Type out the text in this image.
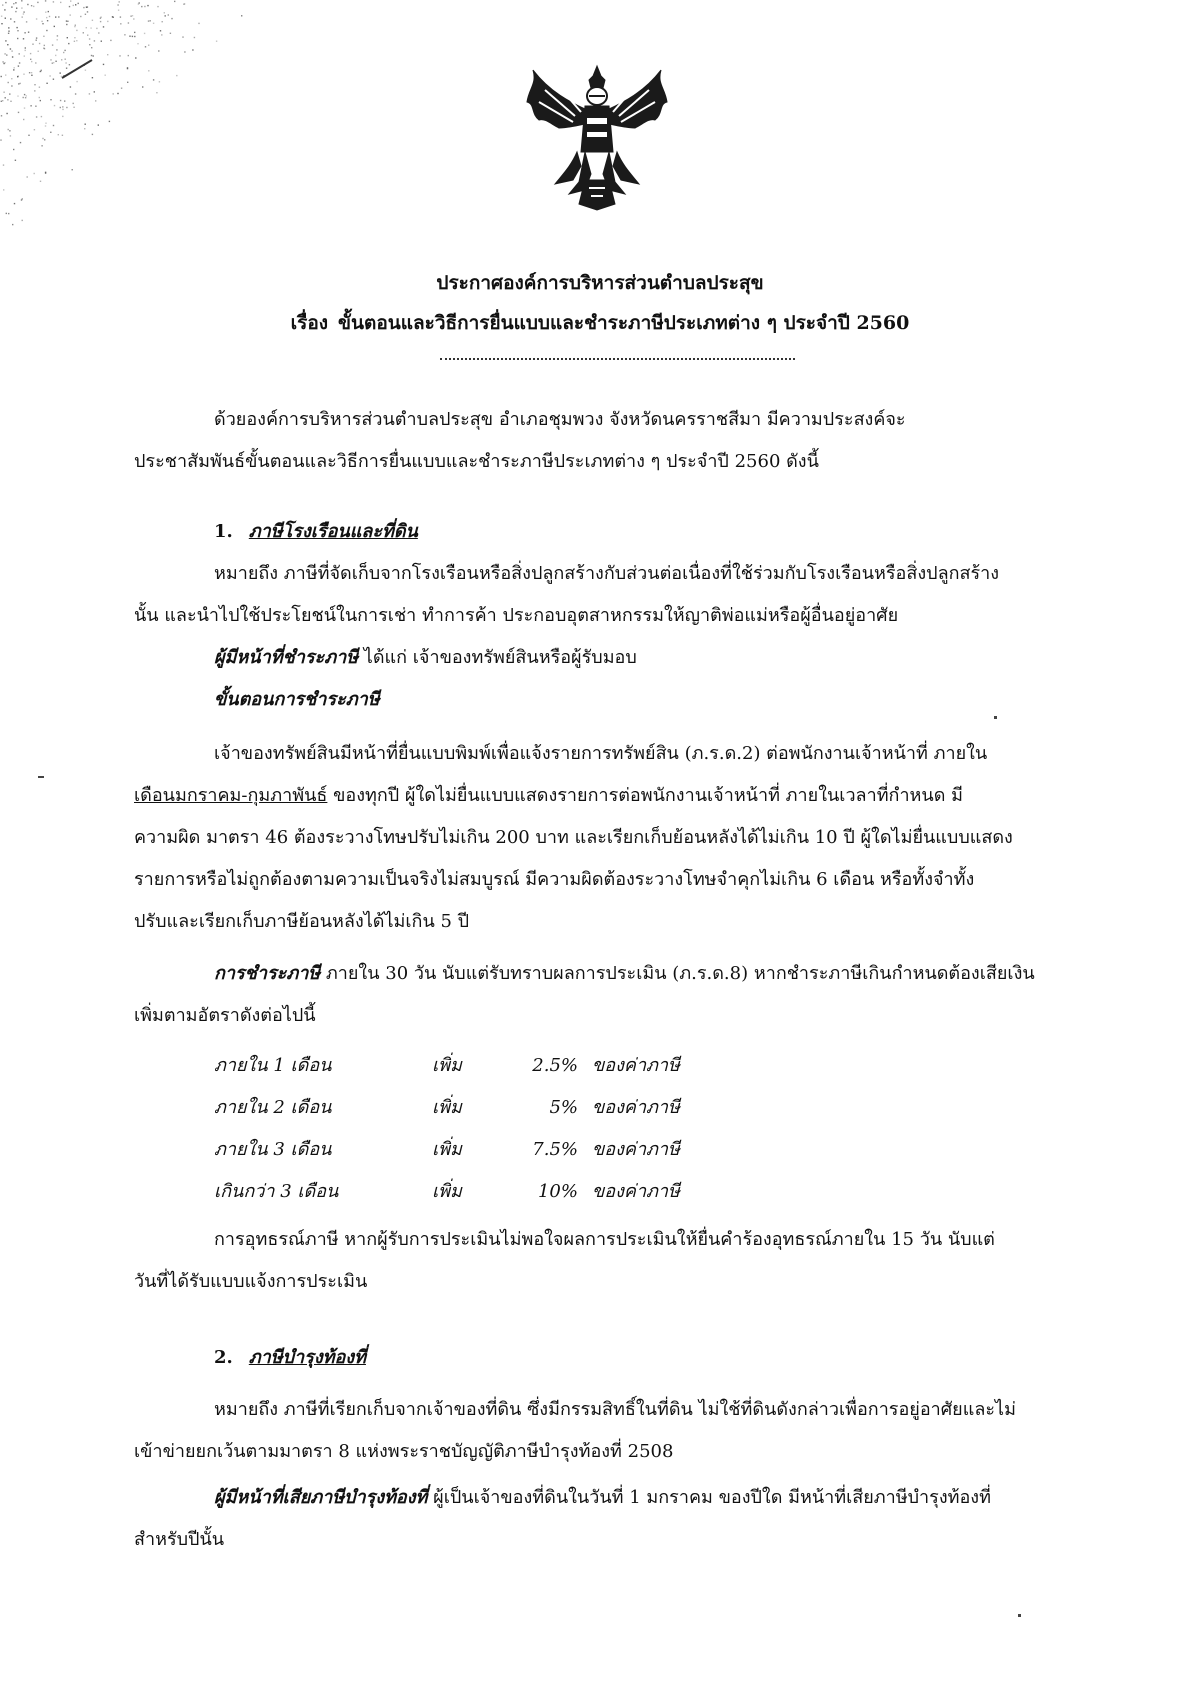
ประกาศองค์การบริหารส่วนตำบลประสุข
เรื่อง ขั้นตอนและวิธีการยื่นแบบและชำระภาษีประเภทต่าง ๆ ประจำปี 2560
ด้วยองค์การบริหารส่วนตำบลประสุข อำเภอชุมพวง จังหวัดนครราชสีมา มีความประสงค์จะ
ประชาสัมพันธ์ขั้นตอนและวิธีการยื่นแบบและชำระภาษีประเภทต่าง ๆ ประจำปี 2560 ดังนี้
1. ภาษีโรงเรือนและที่ดิน
หมายถึง ภาษีที่จัดเก็บจากโรงเรือนหรือสิ่งปลูกสร้างกับส่วนต่อเนื่องที่ใช้ร่วมกับโรงเรือนหรือสิ่งปลูกสร้าง
นั้น และนำไปใช้ประโยชน์ในการเช่า ทำการค้า ประกอบอุตสาหกรรมให้ญาติพ่อแม่หรือผู้อื่นอยู่อาศัย
ผู้มีหน้าที่ชำระภาษี ได้แก่ เจ้าของทรัพย์สินหรือผู้รับมอบ
ขั้นตอนการชำระภาษี
เจ้าของทรัพย์สินมีหน้าที่ยื่นแบบพิมพ์เพื่อแจ้งรายการทรัพย์สิน (ภ.ร.ด.2) ต่อพนักงานเจ้าหน้าที่ ภายใน
เดือนมกราคม-กุมภาพันธ์ ของทุกปี ผู้ใดไม่ยื่นแบบแสดงรายการต่อพนักงานเจ้าหน้าที่ ภายในเวลาที่กำหนด มี
ความผิด มาตรา 46 ต้องระวางโทษปรับไม่เกิน 200 บาท และเรียกเก็บย้อนหลังได้ไม่เกิน 10 ปี ผู้ใดไม่ยื่นแบบแสดง
รายการหรือไม่ถูกต้องตามความเป็นจริงไม่สมบูรณ์ มีความผิดต้องระวางโทษจำคุกไม่เกิน 6 เดือน หรือทั้งจำทั้ง
ปรับและเรียกเก็บภาษีย้อนหลังได้ไม่เกิน 5 ปี
การชำระภาษี ภายใน 30 วัน นับแต่รับทราบผลการประเมิน (ภ.ร.ด.8) หากชำระภาษีเกินกำหนดต้องเสียเงิน
เพิ่มตามอัตราดังต่อไปนี้
ภายใน 1 เดือน	เพิ่ม	2.5% ของค่าภาษี
ภายใน 2 เดือน	เพิ่ม	5% ของค่าภาษี
ภายใน 3 เดือน	เพิ่ม	7.5% ของค่าภาษี
เกินกว่า 3 เดือน	เพิ่ม	10% ของค่าภาษี
การอุทธรณ์ภาษี หากผู้รับการประเมินไม่พอใจผลการประเมินให้ยื่นคำร้องอุทธรณ์ภายใน 15 วัน นับแต่
วันที่ได้รับแบบแจ้งการประเมิน
2. ภาษีบำรุงท้องที่
หมายถึง ภาษีที่เรียกเก็บจากเจ้าของที่ดิน ซึ่งมีกรรมสิทธิ์ในที่ดิน ไม่ใช้ที่ดินดังกล่าวเพื่อการอยู่อาศัยและไม่
เข้าข่ายยกเว้นตามมาตรา 8 แห่งพระราชบัญญัติภาษีบำรุงท้องที่ 2508
ผู้มีหน้าที่เสียภาษีบำรุงท้องที่ ผู้เป็นเจ้าของที่ดินในวันที่ 1 มกราคม ของปีใด มีหน้าที่เสียภาษีบำรุงท้องที่
สำหรับปีนั้น
